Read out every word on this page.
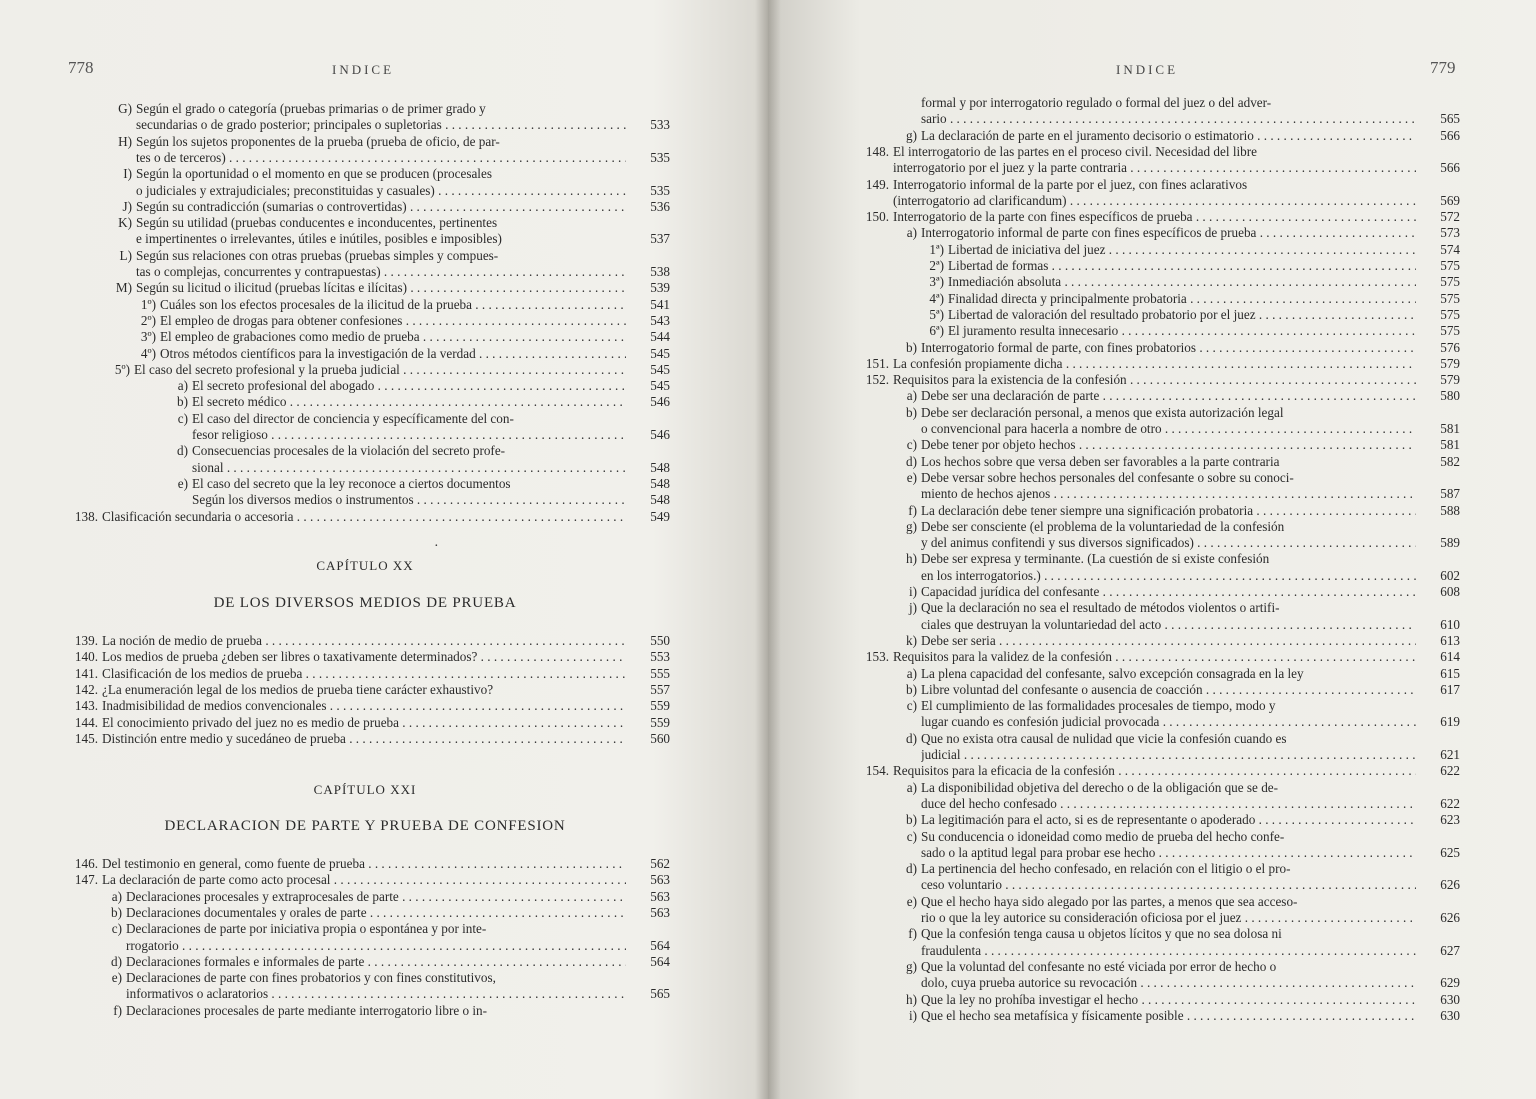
778	INDICE
G) Según el grado o categoría (pruebas primarias o de primer grado y
secundarias o de grado posterior; principales o supletorias . . .	533
H) Según los sujetos proponentes de la prueba (prueba de oficio, de par-
tes o de terceros) . . .	535
I) Según la oportunidad o el momento en que se producen (procesales
o judiciales y extrajudiciales; preconstituidas y casuales) . . .	535
J) Según su contradicción (sumarias o controvertidas) . . .	536
K) Según su utilidad (pruebas conducentes e inconducentes, pertinentes
e impertinentes o irrelevantes, útiles e inútiles, posibles e imposibles)	537
L) Según sus relaciones con otras pruebas (pruebas simples y compues-
tas o complejas, concurrentes y contrapuestas) . . .	538
M) Según su licitud o ilicitud (pruebas lícitas e ilícitas) . . .	539
1º) Cuáles son los efectos procesales de la ilicitud de la prueba . . .	541
2º) El empleo de drogas para obtener confesiones . . .	543
3º) El empleo de grabaciones como medio de prueba . . .	544
4º) Otros métodos científicos para la investigación de la verdad . . .	545
5º) El caso del secreto profesional y la prueba judicial . . .	545
a) El secreto profesional del abogado . . .	545
b) El secreto médico . . .	546
c) El caso del director de conciencia y específicamente del con-
fesor religioso . . .	546
d) Consecuencias procesales de la violación del secreto profe-
sional . . .	548
e) El caso del secreto que la ley reconoce a ciertos documentos	548
Según los diversos medios o instrumentos . . .	548
138. Clasificación secundaria o accesoria . . .	549
·
CAPÍTULO XX
DE LOS DIVERSOS MEDIOS DE PRUEBA
139. La noción de medio de prueba . . .	550
140. Los medios de prueba ¿deben ser libres o taxativamente determinados? . . .	553
141. Clasificación de los medios de prueba . . .	555
142. ¿La enumeración legal de los medios de prueba tiene carácter exhaustivo?	557
143. Inadmisibilidad de medios convencionales . . .	559
144. El conocimiento privado del juez no es medio de prueba . . .	559
145. Distinción entre medio y sucedáneo de prueba . . .	560
CAPÍTULO XXI
DECLARACION DE PARTE Y PRUEBA DE CONFESION
146. Del testimonio en general, como fuente de prueba . . .	562
147. La declaración de parte como acto procesal . . .	563
a) Declaraciones procesales y extraprocesales de parte . . .	563
b) Declaraciones documentales y orales de parte . . .	563
c) Declaraciones de parte por iniciativa propia o espontánea y por inte-
rrogatorio . . .	564
d) Declaraciones formales e informales de parte . . .	564
e) Declaraciones de parte con fines probatorios y con fines constitutivos,
informativos o aclaratorios . . .	565
f) Declaraciones procesales de parte mediante interrogatorio libre o in-
INDICE	779
formal y por interrogatorio regulado o formal del juez o del adver-
sario . . .	565
g) La declaración de parte en el juramento decisorio o estimatorio . . .	566
148. El interrogatorio de las partes en el proceso civil. Necesidad del libre
interrogatorio por el juez y la parte contraria . . .	566
149. Interrogatorio informal de la parte por el juez, con fines aclarativos
(interrogatorio ad clarificandum) . . .	569
150. Interrogatorio de la parte con fines específicos de prueba . . .	572
a) Interrogatorio informal de parte con fines específicos de prueba . . .	573
1ª) Libertad de iniciativa del juez . . .	574
2ª) Libertad de formas . . .	575
3ª) Inmediación absoluta . . .	575
4ª) Finalidad directa y principalmente probatoria . . .	575
5ª) Libertad de valoración del resultado probatorio por el juez . . .	575
6ª) El juramento resulta innecesario . . .	575
b) Interrogatorio formal de parte, con fines probatorios . . .	576
151. La confesión propiamente dicha . . .	579
152. Requisitos para la existencia de la confesión . . .	579
a) Debe ser una declaración de parte . . .	580
b) Debe ser declaración personal, a menos que exista autorización legal
o convencional para hacerla a nombre de otro . . .	581
c) Debe tener por objeto hechos . . .	581
d) Los hechos sobre que versa deben ser favorables a la parte contraria	582
e) Debe versar sobre hechos personales del confesante o sobre su conoci-
miento de hechos ajenos . . .	587
f) La declaración debe tener siempre una significación probatoria . . .	588
g) Debe ser consciente (el problema de la voluntariedad de la confesión
y del animus confitendi y sus diversos significados) . . .	589
h) Debe ser expresa y terminante. (La cuestión de si existe confesión
en los interrogatorios.) . . .	602
i) Capacidad jurídica del confesante . . .	608
j) Que la declaración no sea el resultado de métodos violentos o artifi-
ciales que destruyan la voluntariedad del acto . . .	610
k) Debe ser seria . . .	613
153. Requisitos para la validez de la confesión . . .	614
a) La plena capacidad del confesante, salvo excepción consagrada en la ley	615
b) Libre voluntad del confesante o ausencia de coacción . . .	617
c) El cumplimiento de las formalidades procesales de tiempo, modo y
lugar cuando es confesión judicial provocada . . .	619
d) Que no exista otra causal de nulidad que vicie la confesión cuando es
judicial . . .	621
154. Requisitos para la eficacia de la confesión . . .	622
a) La disponibilidad objetiva del derecho o de la obligación que se de-
duce del hecho confesado . . .	622
b) La legitimación para el acto, si es de representante o apoderado . . .	623
c) Su conducencia o idoneidad como medio de prueba del hecho confe-
sado o la aptitud legal para probar ese hecho . . .	625
d) La pertinencia del hecho confesado, en relación con el litigio o el pro-
ceso voluntario . . .	626
e) Que el hecho haya sido alegado por las partes, a menos que sea acceso-
rio o que la ley autorice su consideración oficiosa por el juez . . .	626
f) Que la confesión tenga causa u objetos lícitos y que no sea dolosa ni
fraudulenta . . .	627
g) Que la voluntad del confesante no esté viciada por error de hecho o
dolo, cuya prueba autorice su revocación . . .	629
h) Que la ley no prohíba investigar el hecho . . .	630
i) Que el hecho sea metafísica y físicamente posible . . .	630
